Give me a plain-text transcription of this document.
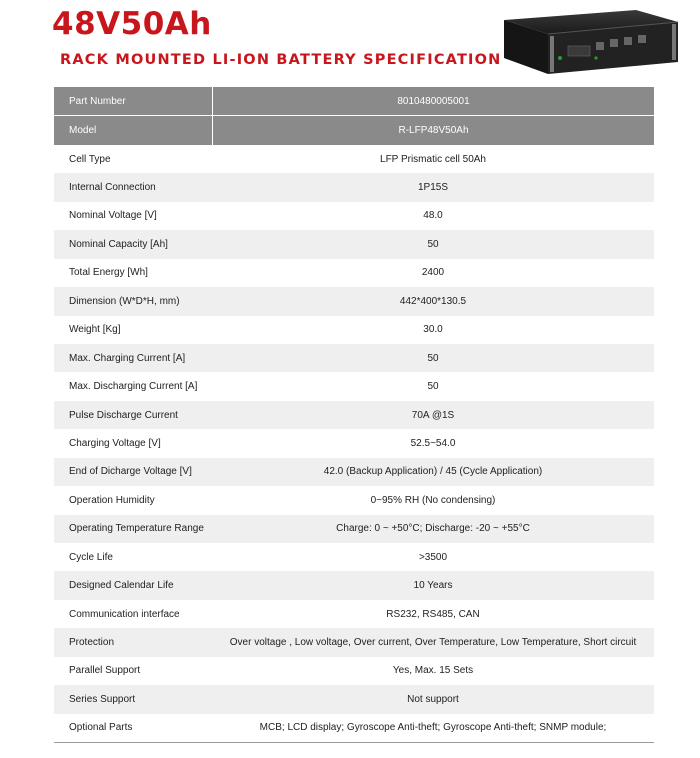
48V50Ah
RACK MOUNTED LI-ION BATTERY SPECIFICATION
Part Number	8010480005001
Model	R-LFP48V50Ah
Cell Type	LFP Prismatic cell 50Ah
Internal Connection	1P15S
Nominal Voltage [V]	48.0
Nominal Capacity [Ah]	50
Total Energy [Wh]	2400
Dimension (W*D*H, mm)	442*400*130.5
Weight [Kg]	30.0
Max. Charging Current [A]	50
Max. Discharging Current [A]	50
Pulse Discharge Current	70A @1S
Charging Voltage [V]	52.5~54.0
End of Dicharge Voltage [V]	42.0 (Backup Application) / 45 (Cycle Application)
Operation Humidity	0~95% RH (No condensing)
Operating Temperature Range	Charge: 0 ~ +50°C; Discharge: -20 ~ +55°C
Cycle Life	>3500
Designed Calendar Life	10 Years
Communication interface	RS232, RS485, CAN
Protection	Over voltage , Low voltage, Over current, Over Temperature, Low Temperature, Short circuit
Parallel Support	Yes, Max. 15 Sets
Series Support	Not support
Optional Parts	MCB; LCD display; Gyroscope Anti-theft; Gyroscope Anti-theft; SNMP module;
